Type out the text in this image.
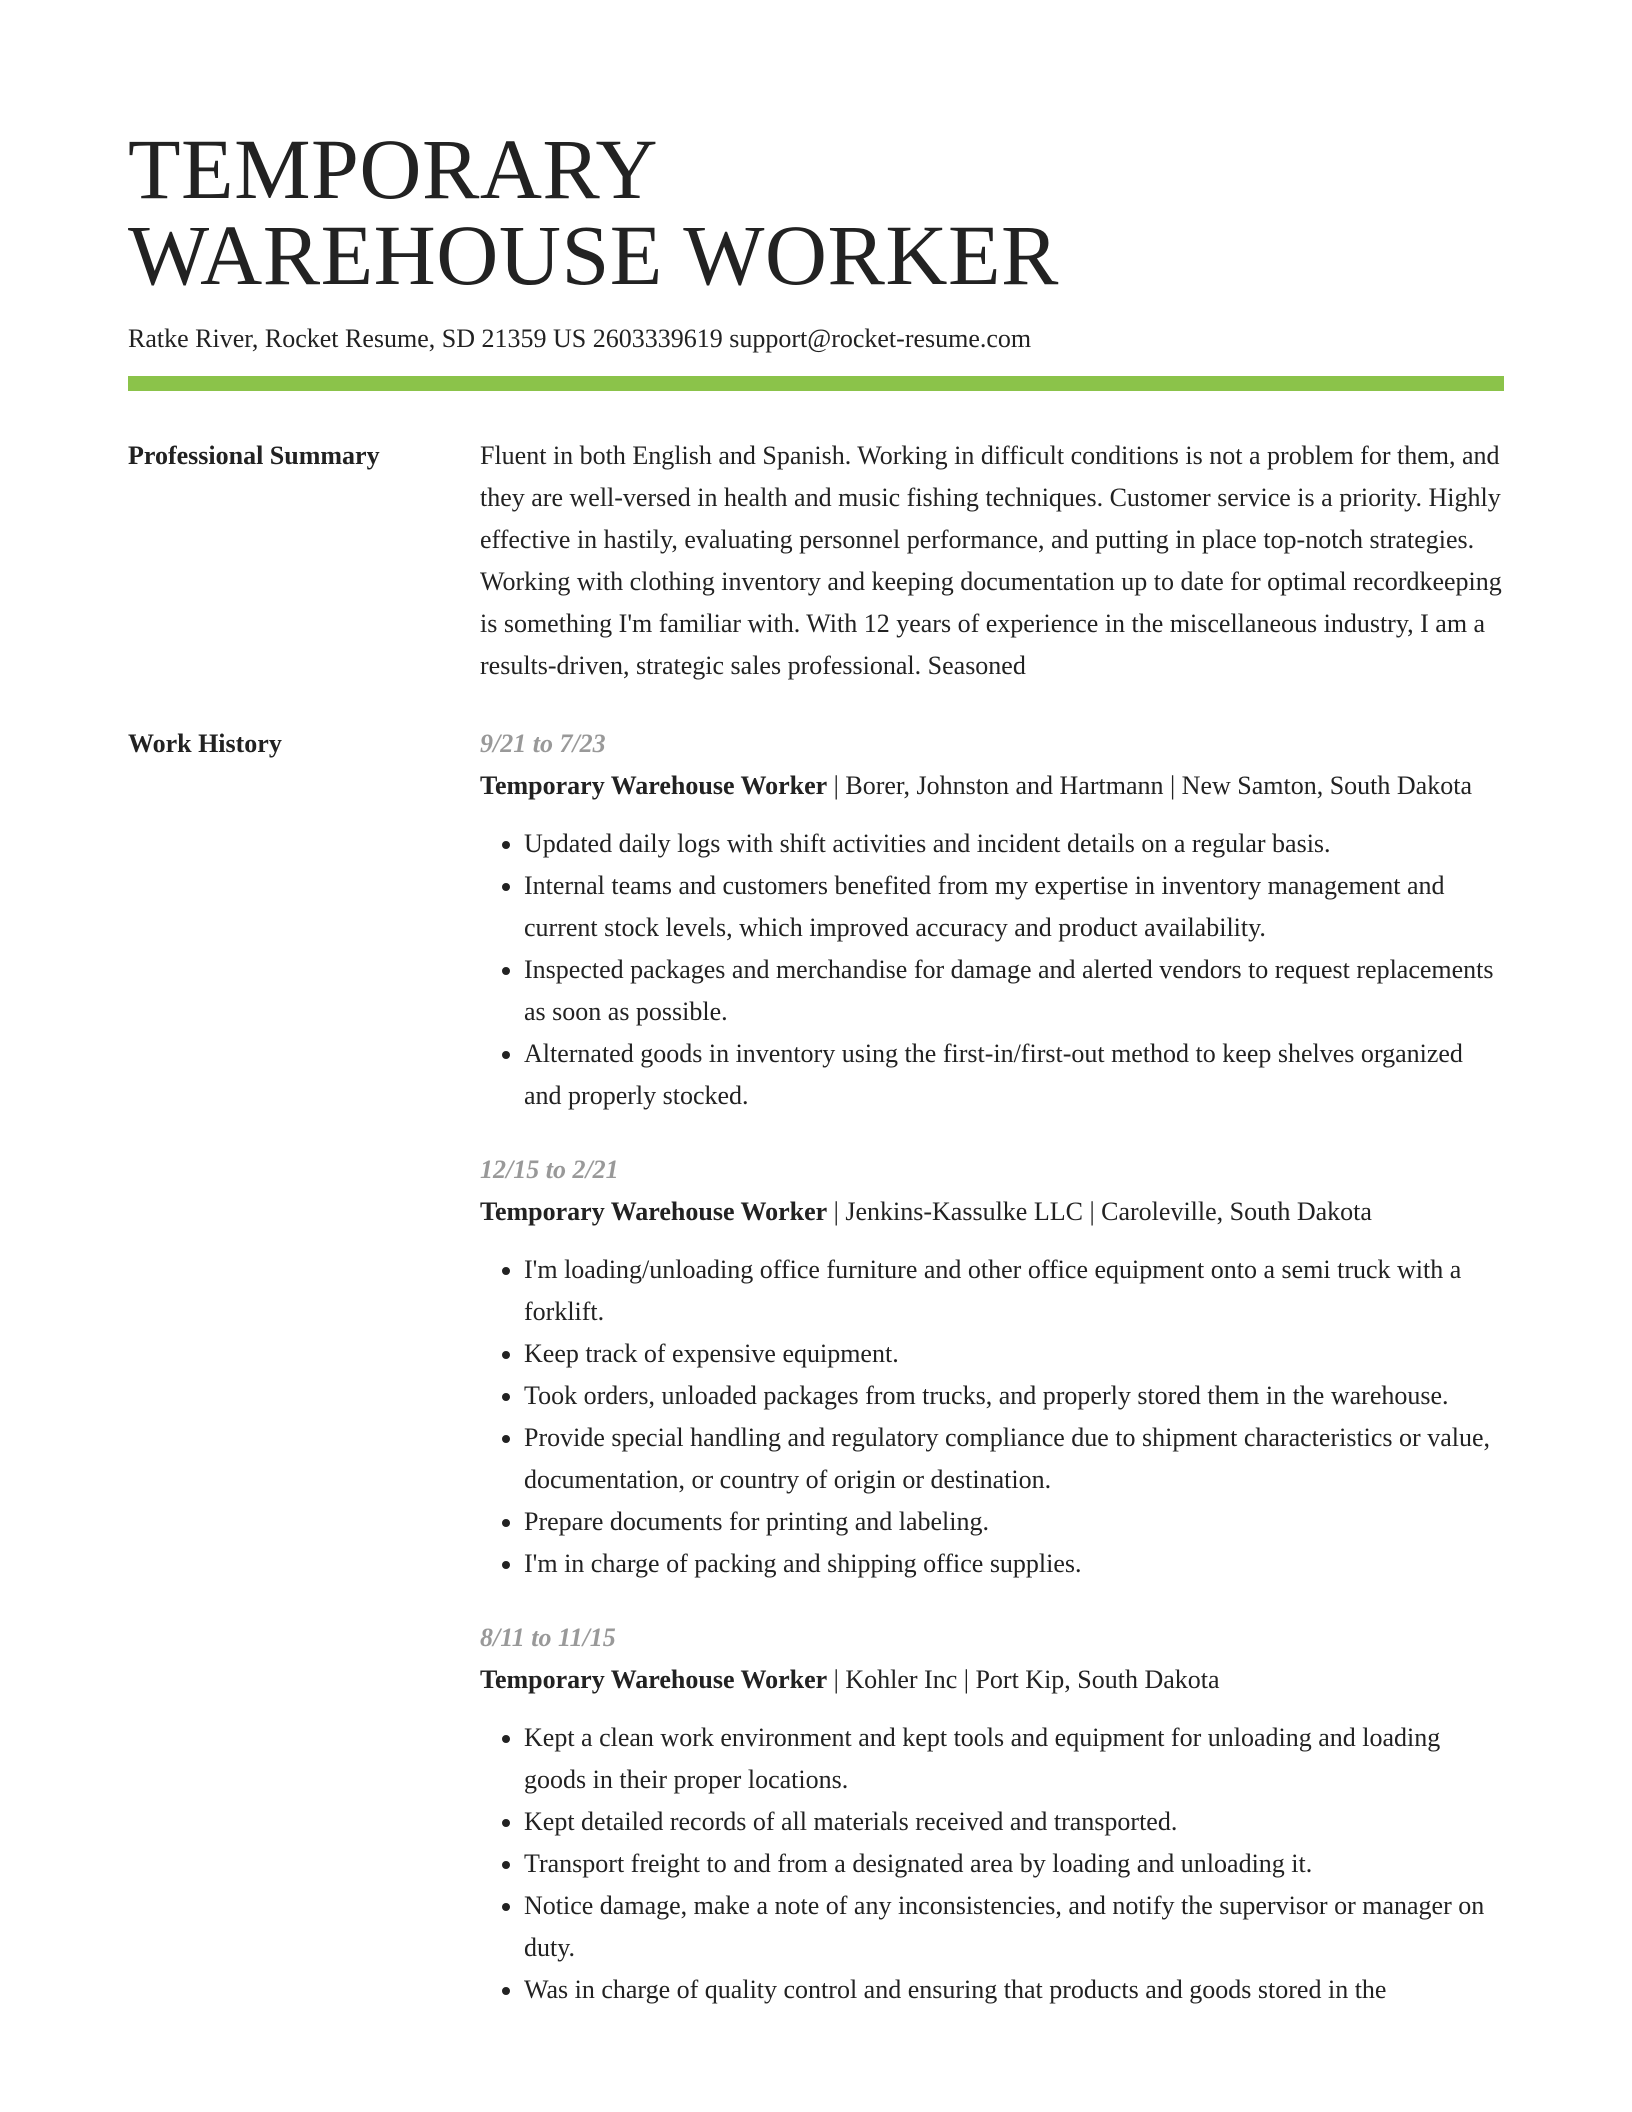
TEMPORARY
WAREHOUSE WORKER
Ratke River, Rocket Resume, SD 21359 US 2603339619 support@rocket-resume.com
Professional Summary	Fluent in both English and Spanish. Working in difficult conditions is not a problem for them, and they are well-versed in health and music fishing techniques. Customer service is a priority. Highly effective in hastily, evaluating personnel performance, and putting in place top-notch strategies. Working with clothing inventory and keeping documentation up to date for optimal recordkeeping is something I'm familiar with. With 12 years of experience in the miscellaneous industry, I am a results-driven, strategic sales professional. Seasoned

Work History	9/21 to 7/23
Temporary Warehouse Worker | Borer, Johnston and Hartmann | New Samton, South Dakota
• Updated daily logs with shift activities and incident details on a regular basis.
• Internal teams and customers benefited from my expertise in inventory management and current stock levels, which improved accuracy and product availability.
• Inspected packages and merchandise for damage and alerted vendors to request replacements as soon as possible.
• Alternated goods in inventory using the first-in/first-out method to keep shelves organized and properly stocked.
12/15 to 2/21
Temporary Warehouse Worker | Jenkins-Kassulke LLC | Caroleville, South Dakota
• I'm loading/unloading office furniture and other office equipment onto a semi truck with a forklift.
• Keep track of expensive equipment.
• Took orders, unloaded packages from trucks, and properly stored them in the warehouse.
• Provide special handling and regulatory compliance due to shipment characteristics or value, documentation, or country of origin or destination.
• Prepare documents for printing and labeling.
• I'm in charge of packing and shipping office supplies.
8/11 to 11/15
Temporary Warehouse Worker | Kohler Inc | Port Kip, South Dakota
• Kept a clean work environment and kept tools and equipment for unloading and loading goods in their proper locations.
• Kept detailed records of all materials received and transported.
• Transport freight to and from a designated area by loading and unloading it.
• Notice damage, make a note of any inconsistencies, and notify the supervisor or manager on duty.
• Was in charge of quality control and ensuring that products and goods stored in the
